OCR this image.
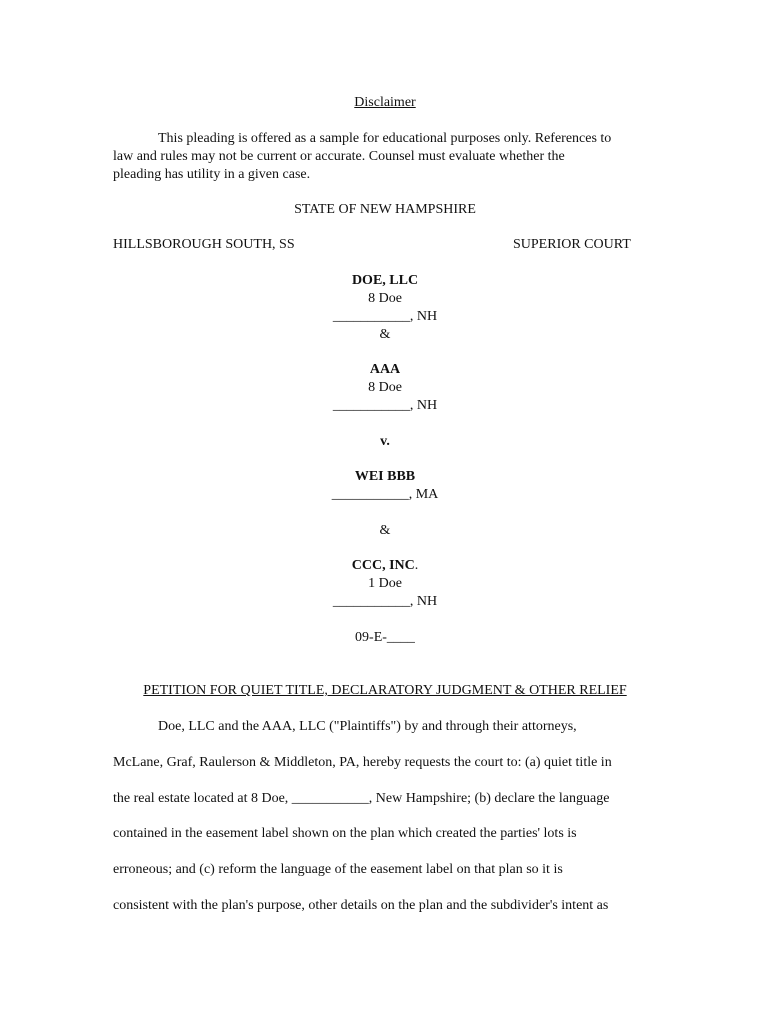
Disclaimer
This pleading is offered as a sample for educational purposes only. References to
law and rules may not be current or accurate. Counsel must evaluate whether the
pleading has utility in a given case.
STATE OF NEW HAMPSHIRE
HILLSBOROUGH SOUTH, SS	SUPERIOR COURT
DOE, LLC
8 Doe
___________, NH
&
AAA
8 Doe
___________, NH
v.
WEI BBB
___________, MA
&
CCC, INC.
1 Doe
___________, NH
09-E-____
PETITION FOR QUIET TITLE, DECLARATORY JUDGMENT & OTHER RELIEF
Doe, LLC and the AAA, LLC ("Plaintiffs") by and through their attorneys,
McLane, Graf, Raulerson & Middleton, PA, hereby requests the court to: (a) quiet title in
the real estate located at 8 Doe, ___________, New Hampshire; (b) declare the language
contained in the easement label shown on the plan which created the parties' lots is
erroneous; and (c) reform the language of the easement label on that plan so it is
consistent with the plan's purpose, other details on the plan and the subdivider's intent as
